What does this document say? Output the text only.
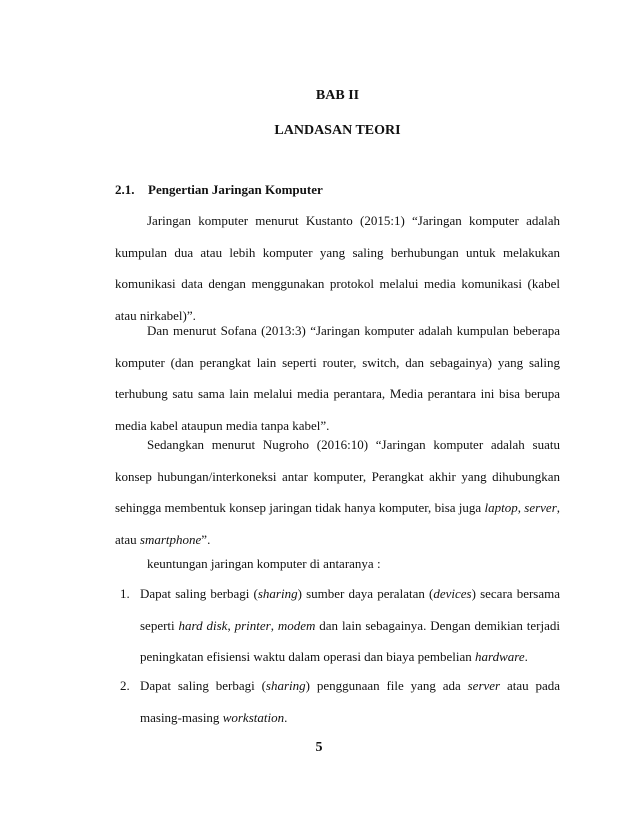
BAB II
LANDASAN TEORI
2.1. Pengertian Jaringan Komputer

Jaringan komputer menurut Kustanto (2015:1) “Jaringan komputer adalah kumpulan dua atau lebih komputer yang saling berhubungan untuk melakukan komunikasi data dengan menggunakan protokol melalui media komunikasi (kabel atau nirkabel)”.

Dan menurut Sofana (2013:3) “Jaringan komputer adalah kumpulan beberapa komputer (dan perangkat lain seperti router, switch, dan sebagainya) yang saling terhubung satu sama lain melalui media perantara, Media perantara ini bisa berupa media kabel ataupun media tanpa kabel”.

Sedangkan menurut Nugroho (2016:10) “Jaringan komputer adalah suatu konsep hubungan/interkoneksi antar komputer, Perangkat akhir yang dihubungkan sehingga membentuk konsep jaringan tidak hanya komputer, bisa juga laptop, server, atau smartphone”.

keuntungan jaringan komputer di antaranya :

1. Dapat saling berbagi (sharing) sumber daya peralatan (devices) secara bersama seperti hard disk, printer, modem dan lain sebagainya. Dengan demikian terjadi peningkatan efisiensi waktu dalam operasi dan biaya pembelian hardware.
2. Dapat saling berbagi (sharing) penggunaan file yang ada server atau pada masing-masing workstation.
5
